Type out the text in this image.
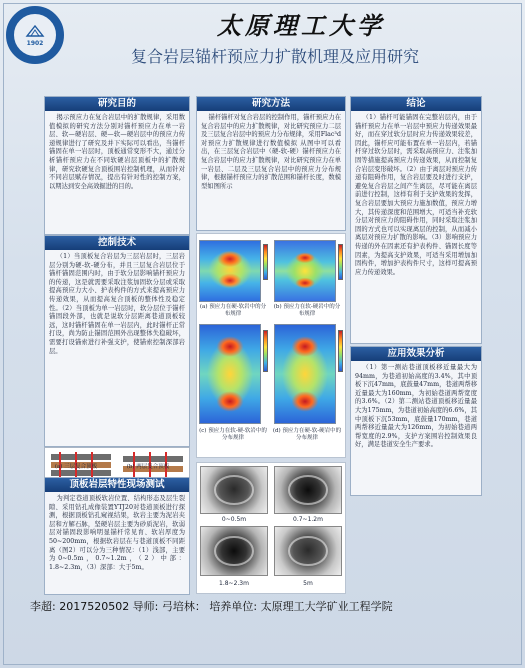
1902
太原理工大学
复合岩层锚杆预应力扩散机理及应用研究
研究目的

揭示预应力在复合岩层中的扩散规律，采用数值模拟的研究方法分别对锚杆预应力在单一岩层、软—硬岩层、硬—软—硬岩层中的预应力传递规律进行了研究及并下实际可以看出，当锚杆锚固在单一岩层时，顶板通常变形不大，通过分析锚杆预应力在不同软硬岩层顶板中的扩散规律，研究软硬复合顶板围岩控制机理，从而针对不同岩层赋存情况，提出有针对性的控制方案，以期达到安全高效掘进的目的。

控制技术

（1）当顶板复合岩层为三层岩层时，三层岩层分别为硬-软-硬分布，并且三层复合岩层位于锚杆锚固范围内时，由于软分层影响锚杆预应力的传递，这是就需要采取注浆加固软分层或采取提高预应力大小、护表构件的方式来提高预应力传递效果，从而提高复合顶板的整体性及稳定性。（2）当顶板为单一岩层时，软分层位于锚杆锚固段外部，也就是说软分层距离巷道顶板较远，这时锚杆锚固在单一岩层内，此时锚杆正常打设，尚为防止锚固范围外出现整体失稳破坏，需要打设锚索进行补强支护，使锚索控制深部岩层。

(a) 三层复合顶板	(b) 两层复合顶板
顶板岩层特性现场测试

为判定巷道顶板软岩位置、结构形态及层生裂隙、采用钻孔成像装置YTJ20对巷道顶板进行探测，根据顶板钻孔窥视结果，软岩主要为泥岩夹层和方解石脉，坚硬岩层主要为砂质泥岩，软弱层对锚固段影响明显锚杆常见育、软岩厚度为50~200mm，根据软岩层在与巷道顶板不同距离（图2）可以分为三种情况：（1）浅部，主要为0~0.5m，0.7~1.2m，（2）中部：1.8~2.3m，（3）深部：大于5m。

研究方法

锚杆锚杆对复合岩层的控制作用，锚杆预应力在复合岩层中的应力扩散规律，对比研究预应力二层及三层复合岩层中的预应力分布规律，采用Flac³d对预应力扩散规律进行数值模拟 从图中可以看出，在三层复合岩层中（硬-软-硬）锚杆预应力在复合岩层中的应力扩散规律，对比研究预应力在单一岩层、二层及三层复合岩层中的预应力分布规律，根据锚杆预应力的扩散范围和锚杆长度，数模型如图所示

(a) 预应力在硬-软岩中的分布规律
(b) 预应力在软-硬岩中的分布规律
(c) 预应力在软-硬-软岩中的分布规律
(d) 预应力在硬-软-硬岩中的分布规律
0~0.5m	0.7~1.2m
1.8~2.3m	5m
结论

（1）锚杆可能锚固在完整岩层内，由于锚杆预应力在单一岩层中预应力传递效果最好，而在穿过软分层时应力传递效果较差，因此，锚杆应可能布置在单一岩层内，若锚杆穿过软分层时，需采取高预应力、注浆加固等措施提高预应力传递效果，从而控制复合岩层变形破坏。（2）由于离层对预应力传递有阻碍作用，复合岩层要及时进行支护，避免复合岩层之间产生离层，尽可能在离层前进行控制，这样有利于支护效果的发挥，复合岩层要加大预应力施加数值，预应力增大，其传递深度和范围增大，可适当补充软分层对预应力的阻碍作用，同时采取注浆加固的方式也可以实现离层的控制，从而减小离层对预应力扩散的影响。（3）影响预应力传递的外在因素还有护表构件、锚固长度等因素，为提高支护效果，可适当采用增加加固构件，增加护表构件尺寸，这样可提高预应力传递效果。

应用效果分析

（1）第一测站巷道顶板移近量最大为94mm，为巷道初始高度的3.4%，其中顶板下沉47mm，底鼓量47mm，巷道两帮移近量最大为160mm，为初始巷道两帮宽度的3.6%。（2）第二测站巷道顶板移近量最大为175mm，为巷道初始高度的6.6%，其中顶板下沉53mm，底鼓量170mm，巷道两帮移近量最大为126mm，为初始巷道两帮宽度的2.9%，支护方案围岩控制效果良好，满足巷道安全生产要求。

李超: 2017520502 导师: 弓培林： 培养单位: 太原理工大学矿业工程学院
